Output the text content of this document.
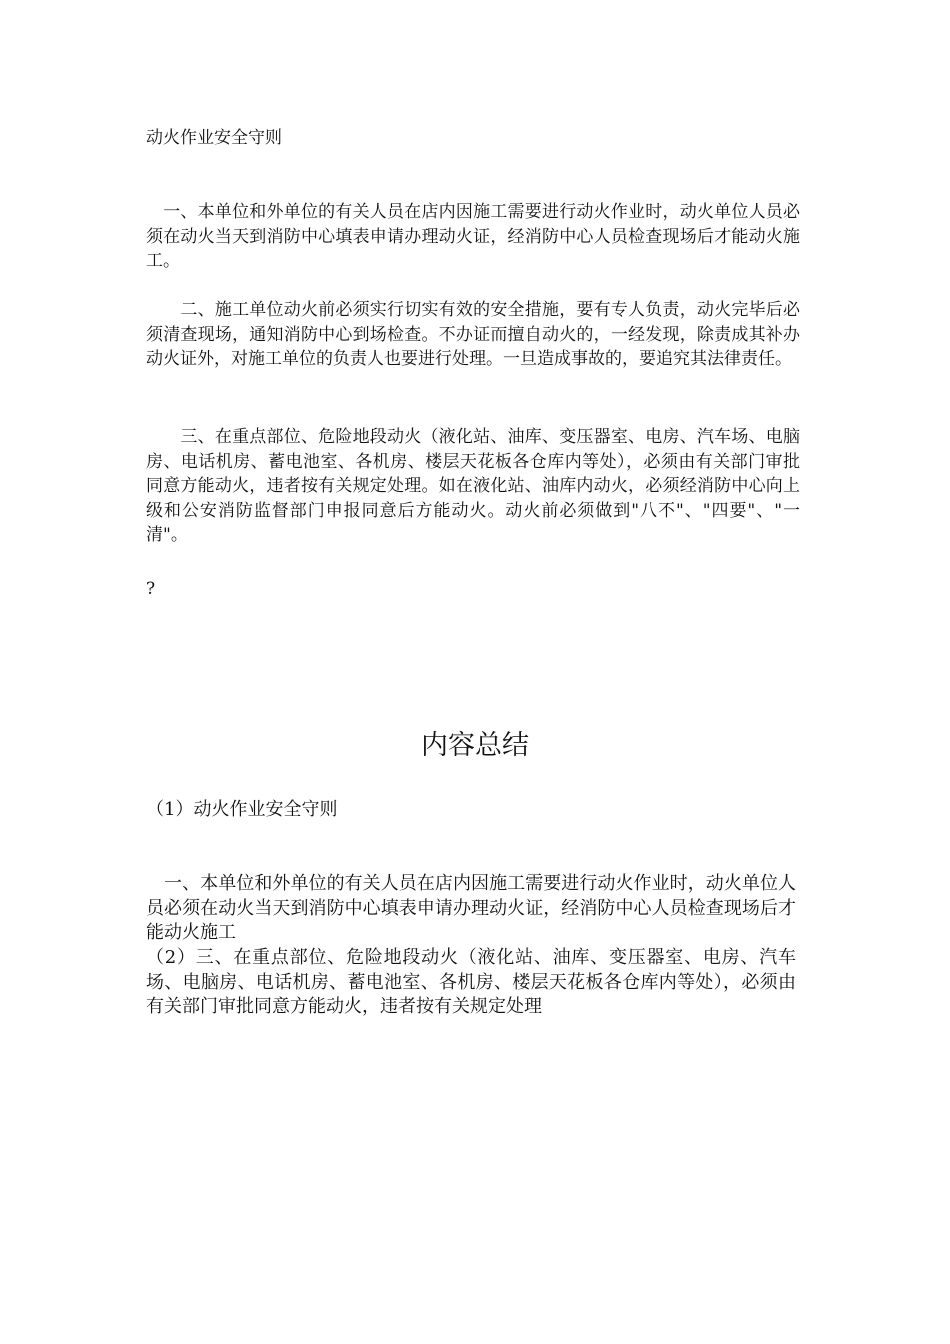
动火作业安全守则

　一、本单位和外单位的有关人员在店内因施工需要进行动火作业时，动火单位人员必须在动火当天到消防中心填表申请办理动火证，经消防中心人员检查现场后才能动火施工。

　　二、施工单位动火前必须实行切实有效的安全措施，要有专人负责，动火完毕后必须清查现场，通知消防中心到场检查。不办证而擅自动火的，一经发现，除责成其补办动火证外，对施工单位的负责人也要进行处理。一旦造成事故的，要追究其法律责任。

　　三、在重点部位、危险地段动火（液化站、油库、变压器室、电房、汽车场、电脑房、电话机房、蓄电池室、各机房、楼层天花板各仓库内等处），必须由有关部门审批同意方能动火，违者按有关规定处理。如在液化站、油库内动火，必须经消防中心向上级和公安消防监督部门申报同意后方能动火。动火前必须做到"八不"、"四要"、"一清"。

?
内容总结
（1）动火作业安全守则

　一、本单位和外单位的有关人员在店内因施工需要进行动火作业时，动火单位人员必须在动火当天到消防中心填表申请办理动火证，经消防中心人员检查现场后才能动火施工

（2）三、在重点部位、危险地段动火（液化站、油库、变压器室、电房、汽车场、电脑房、电话机房、蓄电池室、各机房、楼层天花板各仓库内等处），必须由有关部门审批同意方能动火，违者按有关规定处理
